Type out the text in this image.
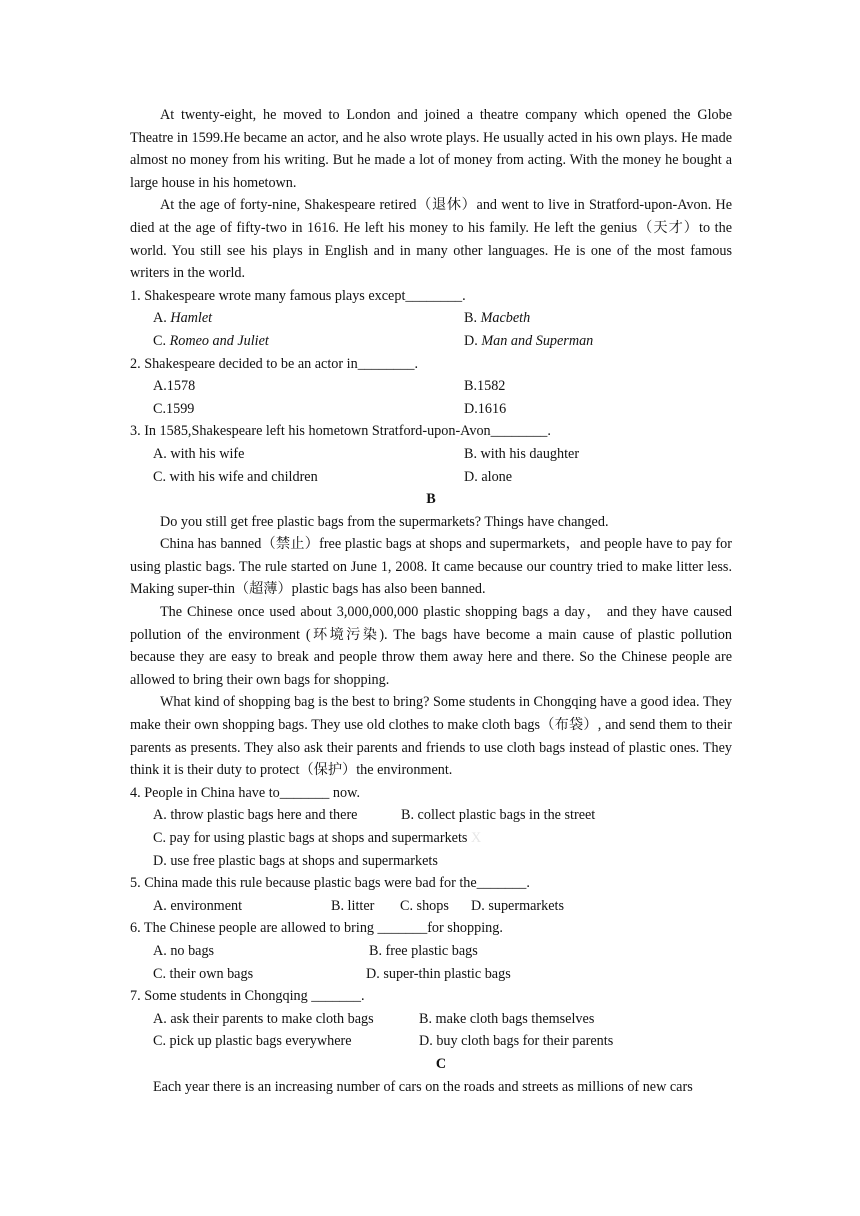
At twenty-eight, he moved to London and joined a theatre company which opened the Globe Theatre in 1599.He became an actor, and he also wrote plays. He usually acted in his own plays. He made almost no money from his writing. But he made a lot of money from acting. With the money he bought a large house in his hometown.

At the age of forty-nine, Shakespeare retired（退休）and went to live in Stratford-upon-Avon. He died at the age of fifty-two in 1616. He left his money to his family. He left the genius（天才）to the world. You still see his plays in English and in many other languages. He is one of the most famous writers in the world.

1. Shakespeare wrote many famous plays except________.

A. Hamlet	B. Macbeth
C. Romeo and Juliet	D. Man and Superman

2. Shakespeare decided to be an actor in________.

A.1578	B.1582
C.1599	D.1616

3. In 1585,Shakespeare left his hometown Stratford-upon-Avon________.

A. with his wife	B. with his daughter
C. with his wife and children	D. alone

B

Do you still get free plastic bags from the supermarkets? Things have changed.

China has banned（禁止）free plastic bags at shops and supermarkets，and people have to pay for using plastic bags. The rule started on June 1, 2008. It came because our country tried to make litter less. Making super-thin（超薄）plastic bags has also been banned.

The Chinese once used about 3,000,000,000 plastic shopping bags a day， and they have caused pollution of the environment (环境污染). The bags have become a main cause of plastic pollution because they are easy to break and people throw them away here and there. So the Chinese people are allowed to bring their own bags for shopping.

What kind of shopping bag is the best to bring? Some students in Chongqing have a good idea. They make their own shopping bags. They use old clothes to make cloth bags（布袋）, and send them to their parents as presents. They also ask their parents and friends to use cloth bags instead of plastic ones. They think it is their duty to protect（保护）the environment.

4. People in China have to_______ now.

A. throw plastic bags here and there	B. collect plastic bags in the street
C. pay for using plastic bags at shops and supermarkets X
D. use free plastic bags at shops and supermarkets

5. China made this rule because plastic bags were bad for the_______.

A. environment	B. litter	C. shops	D. supermarkets

6. The Chinese people are allowed to bring _______for shopping.

A. no bags	B. free plastic bags
C. their own bags	D. super-thin plastic bags

7. Some students in Chongqing _______.

A. ask their parents to make cloth bags	B. make cloth bags themselves
C. pick up plastic bags everywhere	D. buy cloth bags for their parents

C

Each year there is an increasing number of cars on the roads and streets as millions of new cars
